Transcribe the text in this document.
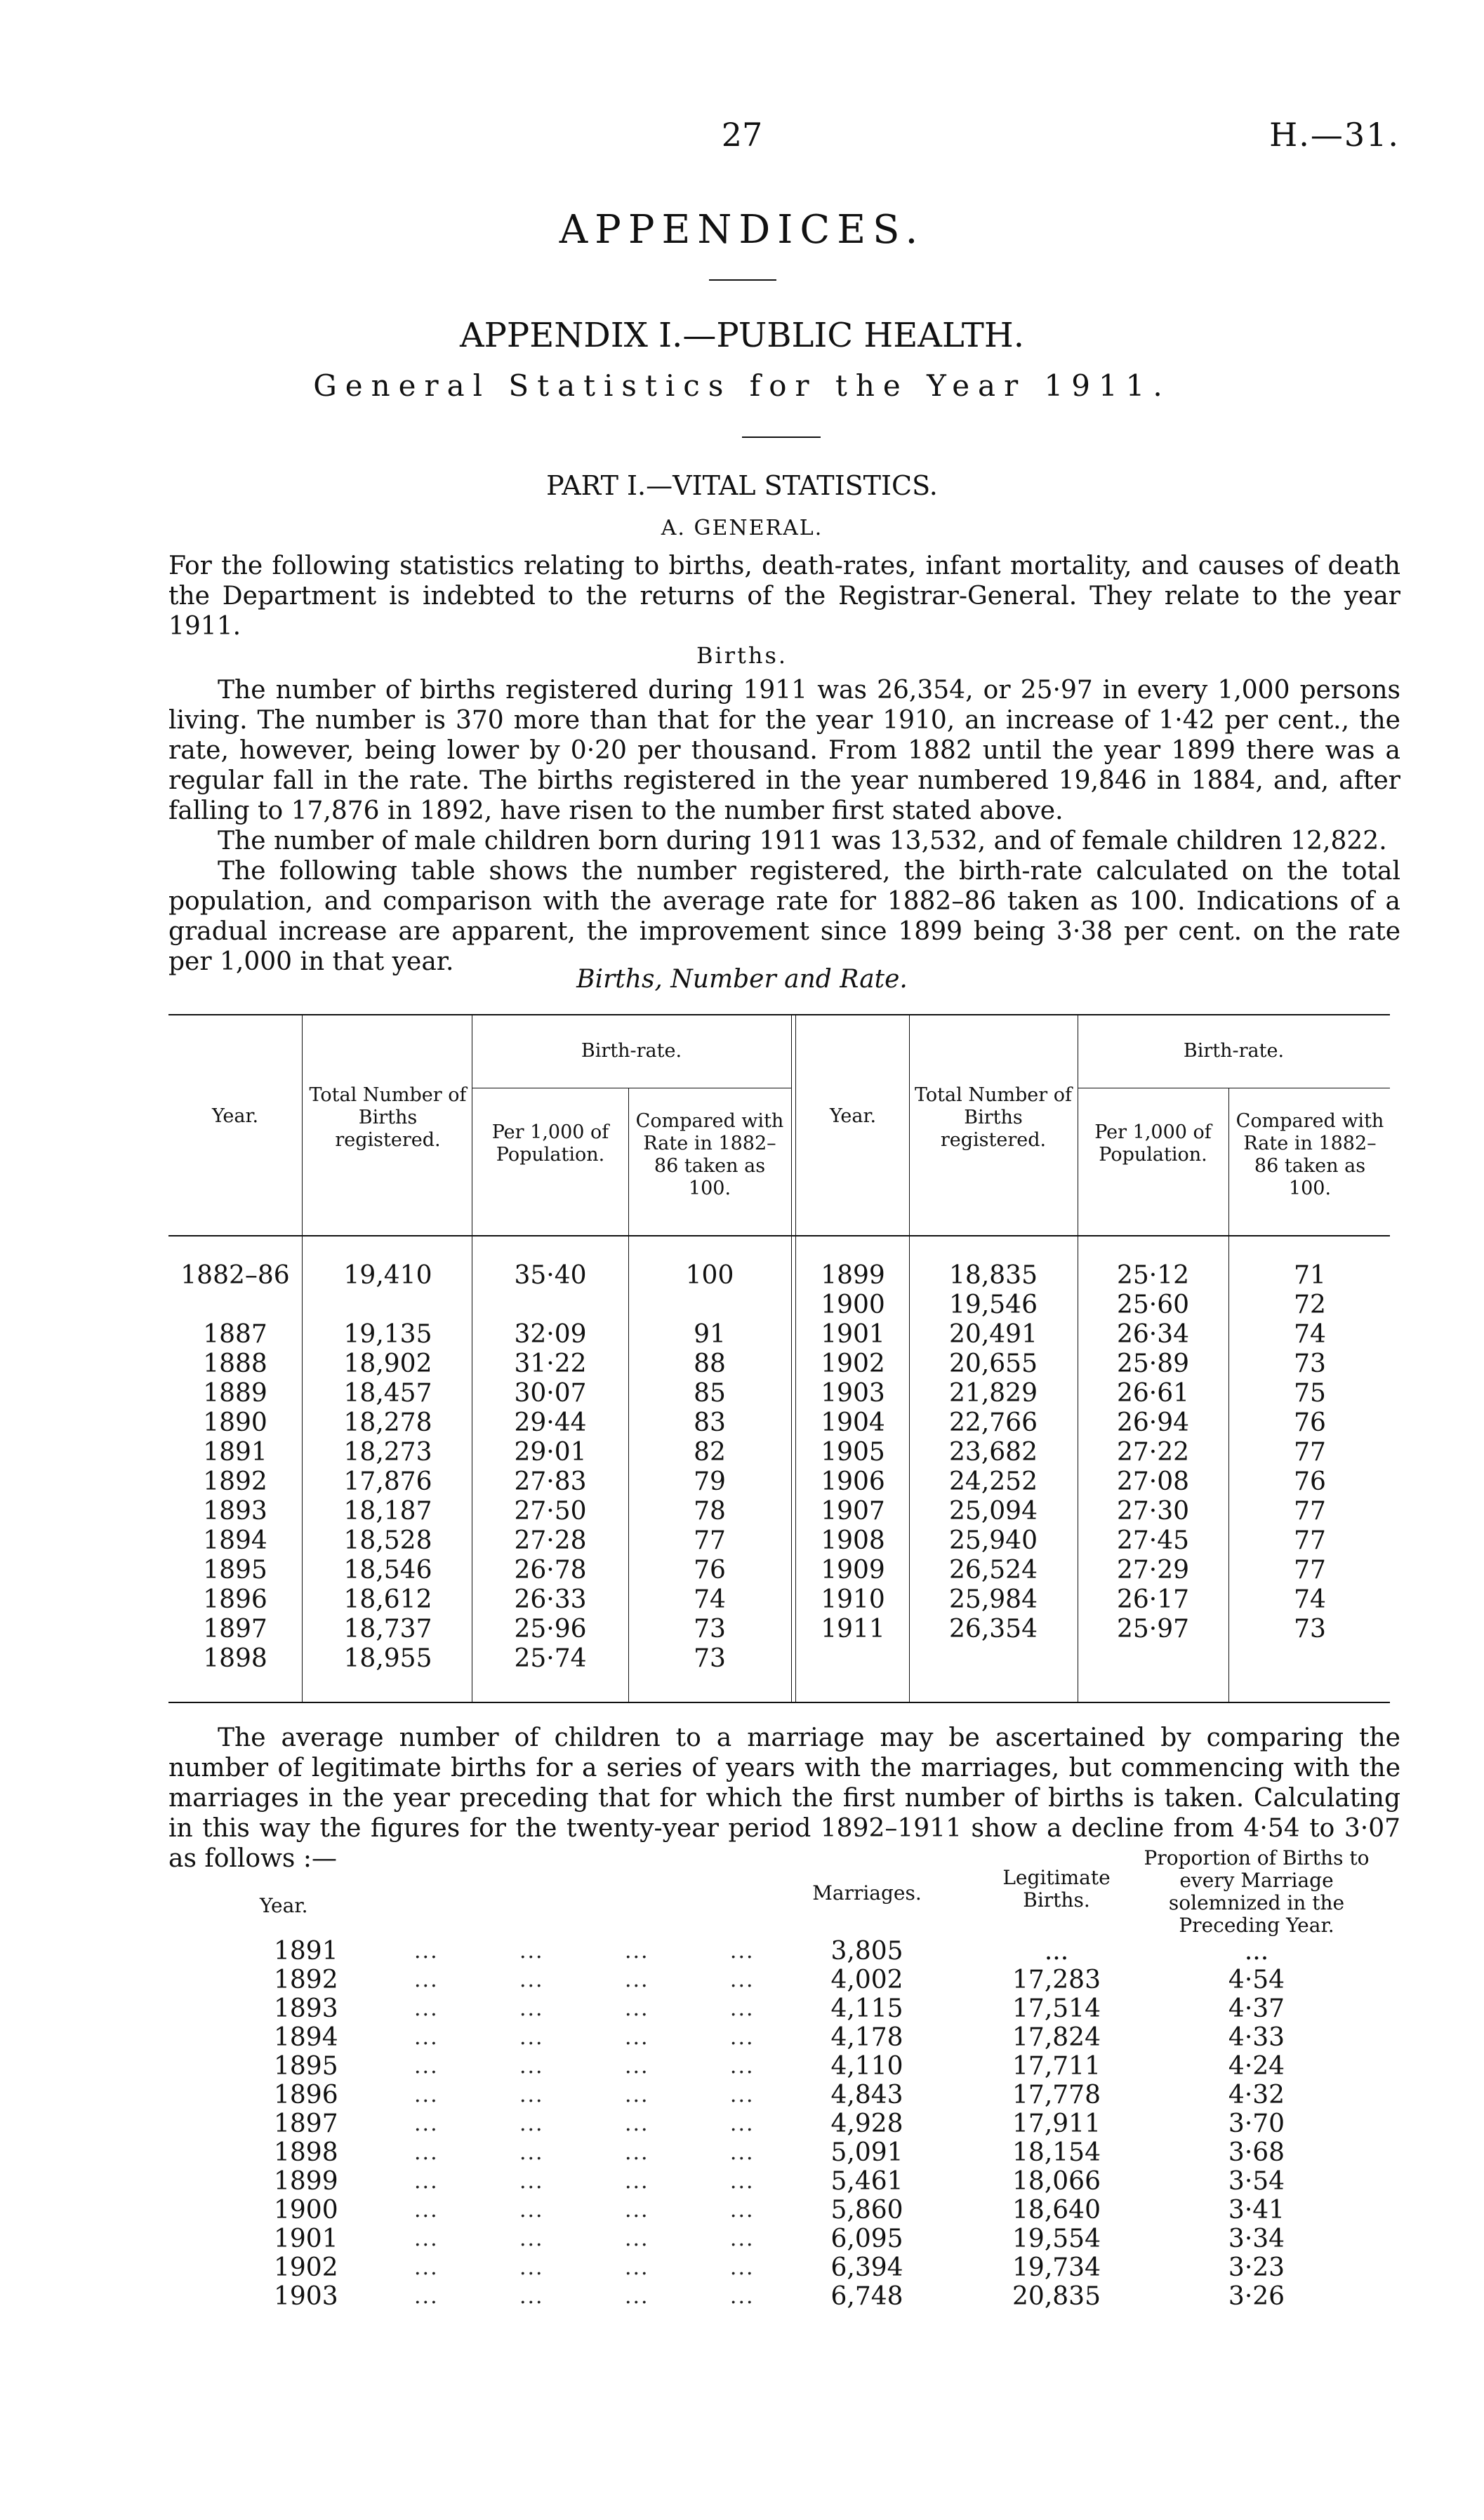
27	H.—31.
APPENDICES.
APPENDIX I.—PUBLIC HEALTH.
General Statistics for the Year 1911.
PART I.—VITAL STATISTICS.
A. GENERAL.
For the following statistics relating to births, death-rates, infant mortality, and causes of death the Department is indebted to the returns of the Registrar-General. They relate to the year 1911.
Births.
The number of births registered during 1911 was 26,354, or 25·97 in every 1,000 persons living. The number is 370 more than that for the year 1910, an increase of 1·42 per cent., the rate, however, being lower by 0·20 per thousand. From 1882 until the year 1899 there was a regular fall in the rate. The births registered in the year numbered 19,846 in 1884, and, after falling to 17,876 in 1892, have risen to the number first stated above.
The number of male children born during 1911 was 13,532, and of female children 12,822.
The following table shows the number registered, the birth-rate calculated on the total population, and comparison with the average rate for 1882–86 taken as 100. Indications of a gradual increase are apparent, the improvement since 1899 being 3·38 per cent. on the rate per 1,000 in that year.
Births, Number and Rate.
Year.
Total Number of Births registered.
Birth-rate.
Per 1,000 of Population.
Compared with Rate in 1882–86 taken as 100.
Year.
Total Number of Births registered.
Birth-rate.
Per 1,000 of Population.
Compared with Rate in 1882–86 taken as 100.
1882–86
1887
1888
1889
1890
1891
1892
1893
1894
1895
1896
1897
1898
19,410
19,135
18,902
18,457
18,278
18,273
17,876
18,187
18,528
18,546
18,612
18,737
18,955
35·40
32·09
31·22
30·07
29·44
29·01
27·83
27·50
27·28
26·78
26·33
25·96
25·74
100
91
88
85
83
82
79
78
77
76
74
73
73
1899
1900
1901
1902
1903
1904
1905
1906
1907
1908
1909
1910
1911
18,835
19,546
20,491
20,655
21,829
22,766
23,682
24,252
25,094
25,940
26,524
25,984
26,354
25·12
25·60
26·34
25·89
26·61
26·94
27·22
27·08
27·30
27·45
27·29
26·17
25·97
71
72
74
73
75
76
77
76
77
77
77
74
73
The average number of children to a marriage may be ascertained by comparing the number of legitimate births for a series of years with the marriages, but commencing with the marriages in the year preceding that for which the first number of births is taken. Calculating in this way the figures for the twenty-year period 1892–1911 show a decline from 4·54 to 3·07 as follows :—
Year.
Marriages.
Legitimate Births.
Proportion of Births to every Marriage solemnized in the Preceding Year.
1891
1892
1893
1894
1895
1896
1897
1898
1899
1900
1901
1902
1903
...          ...          ...          ...
...          ...          ...          ...
...          ...          ...          ...
...          ...          ...          ...
...          ...          ...          ...
...          ...          ...          ...
...          ...          ...          ...
...          ...          ...          ...
...          ...          ...          ...
...          ...          ...          ...
...          ...          ...          ...
...          ...          ...          ...
...          ...          ...          ...
3,805
4,002
4,115
4,178
4,110
4,843
4,928
5,091
5,461
5,860
6,095
6,394
6,748
...
17,283
17,514
17,824
17,711
17,778
17,911
18,154
18,066
18,640
19,554
19,734
20,835
...
4·54
4·37
4·33
4·24
4·32
3·70
3·68
3·54
3·41
3·34
3·23
3·26
